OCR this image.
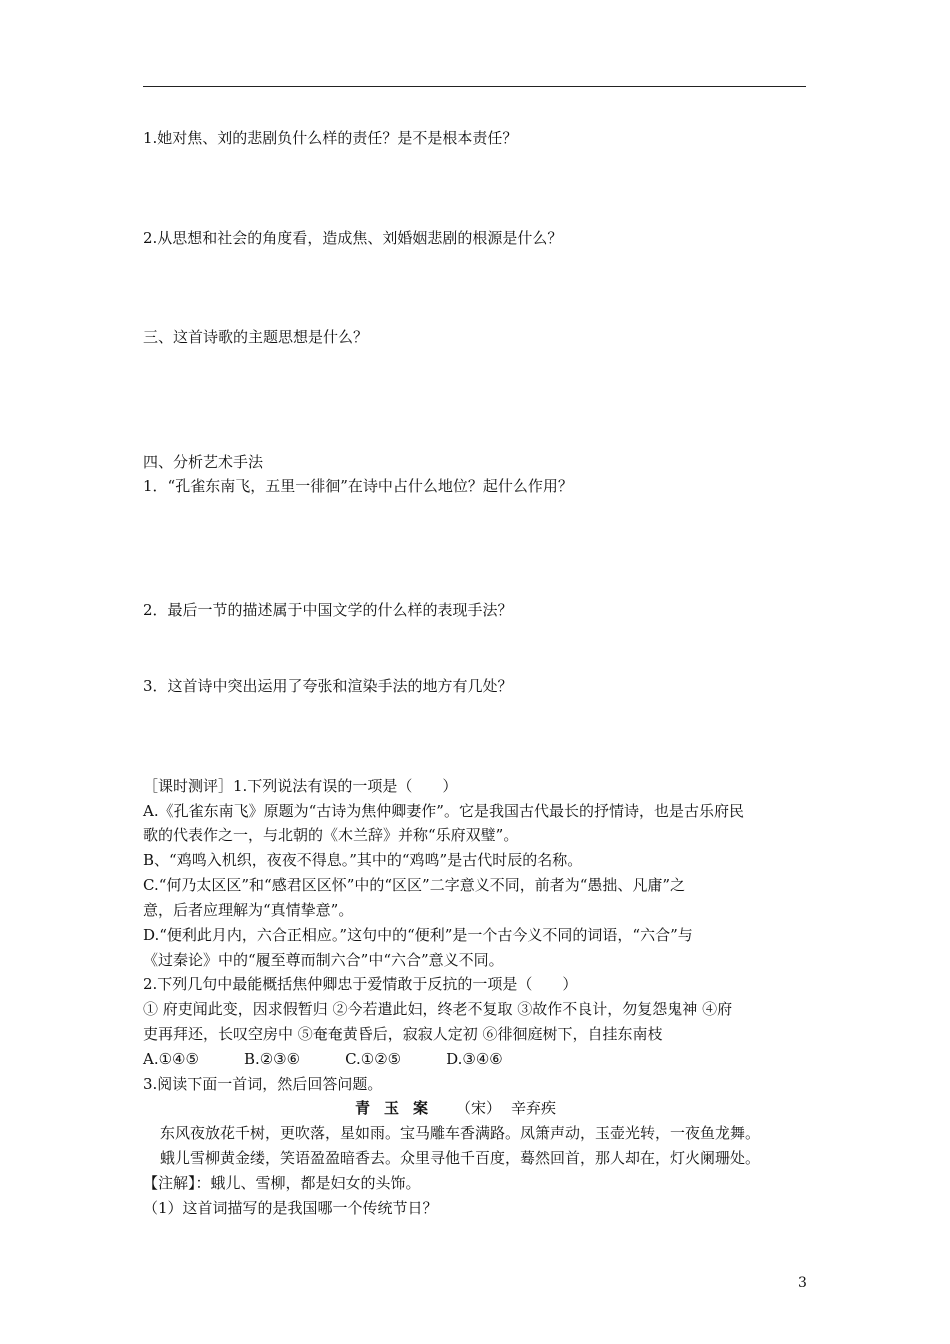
1.她对焦、刘的悲剧负什么样的责任？是不是根本责任？
2.从思想和社会的角度看，造成焦、刘婚姻悲剧的根源是什么？
三、这首诗歌的主题思想是什么？
四、分析艺术手法
1．“孔雀东南飞，五里一徘徊”在诗中占什么地位？起什么作用？
2．最后一节的描述属于中国文学的什么样的表现手法？
3．这首诗中突出运用了夸张和渲染手法的地方有几处？
［课时测评］1.下列说法有误的一项是（　　）
A.《孔雀东南飞》原题为“古诗为焦仲卿妻作”。它是我国古代最长的抒情诗，也是古乐府民
歌的代表作之一，与北朝的《木兰辞》并称“乐府双璧”。
B、“鸡鸣入机织，夜夜不得息。”其中的“鸡鸣”是古代时辰的名称。
C.“何乃太区区”和“感君区区怀”中的“区区”二字意义不同，前者为“愚拙、凡庸”之
意，后者应理解为“真情挚意”。
D.“便利此月内，六合正相应。”这句中的“便利”是一个古今义不同的词语，“六合”与
《过秦论》中的“履至尊而制六合”中“六合”意义不同。
2.下列几句中最能概括焦仲卿忠于爱情敢于反抗的一项是（　　）
① 府吏闻此变，因求假暂归 ②今若遣此妇，终老不复取 ③故作不良计，勿复怨鬼神 ④府
吏再拜还，长叹空房中 ⑤奄奄黄昏后，寂寂人定初 ⑥徘徊庭树下，自挂东南枝
A.①④⑤　　　B.②③⑥　　　C.①②⑤　　　D.③④⑥
3.阅读下面一首词，然后回答问题。
青玉案 （宋） 辛弃疾
东风夜放花千树，更吹落，星如雨。宝马雕车香满路。凤箫声动，玉壶光转，一夜鱼龙舞。
蛾儿雪柳黄金缕，笑语盈盈暗香去。众里寻他千百度，蓦然回首，那人却在，灯火阑珊处。
【注解】：蛾儿、雪柳，都是妇女的头饰。
（1）这首词描写的是我国哪一个传统节日？
3
